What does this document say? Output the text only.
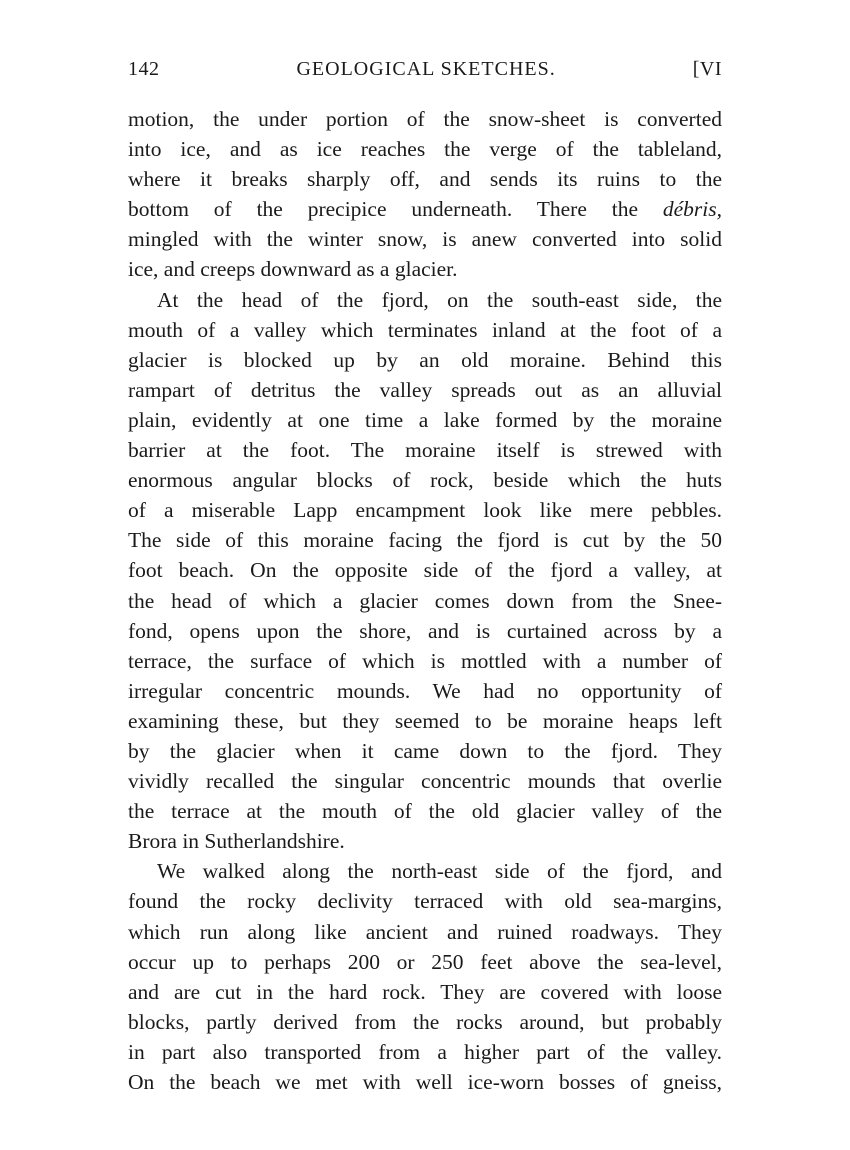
142	GEOLOGICAL SKETCHES.	[VI

motion, the under portion of the snow-sheet is converted
into ice, and as ice reaches the verge of the tableland,
where it breaks sharply off, and sends its ruins to the
bottom of the precipice underneath. There the débris,
mingled with the winter snow, is anew converted into solid
ice, and creeps downward as a glacier.

At the head of the fjord, on the south-east side, the
mouth of a valley which terminates inland at the foot of a
glacier is blocked up by an old moraine. Behind this
rampart of detritus the valley spreads out as an alluvial
plain, evidently at one time a lake formed by the moraine
barrier at the foot. The moraine itself is strewed with
enormous angular blocks of rock, beside which the huts
of a miserable Lapp encampment look like mere pebbles.
The side of this moraine facing the fjord is cut by the 50
foot beach. On the opposite side of the fjord a valley, at
the head of which a glacier comes down from the Snee-
fond, opens upon the shore, and is curtained across by a
terrace, the surface of which is mottled with a number of
irregular concentric mounds. We had no opportunity of
examining these, but they seemed to be moraine heaps left
by the glacier when it came down to the fjord. They
vividly recalled the singular concentric mounds that overlie
the terrace at the mouth of the old glacier valley of the
Brora in Sutherlandshire.

We walked along the north-east side of the fjord, and
found the rocky declivity terraced with old sea-margins,
which run along like ancient and ruined roadways. They
occur up to perhaps 200 or 250 feet above the sea-level,
and are cut in the hard rock. They are covered with loose
blocks, partly derived from the rocks around, but probably
in part also transported from a higher part of the valley.
On the beach we met with well ice-worn bosses of gneiss,
